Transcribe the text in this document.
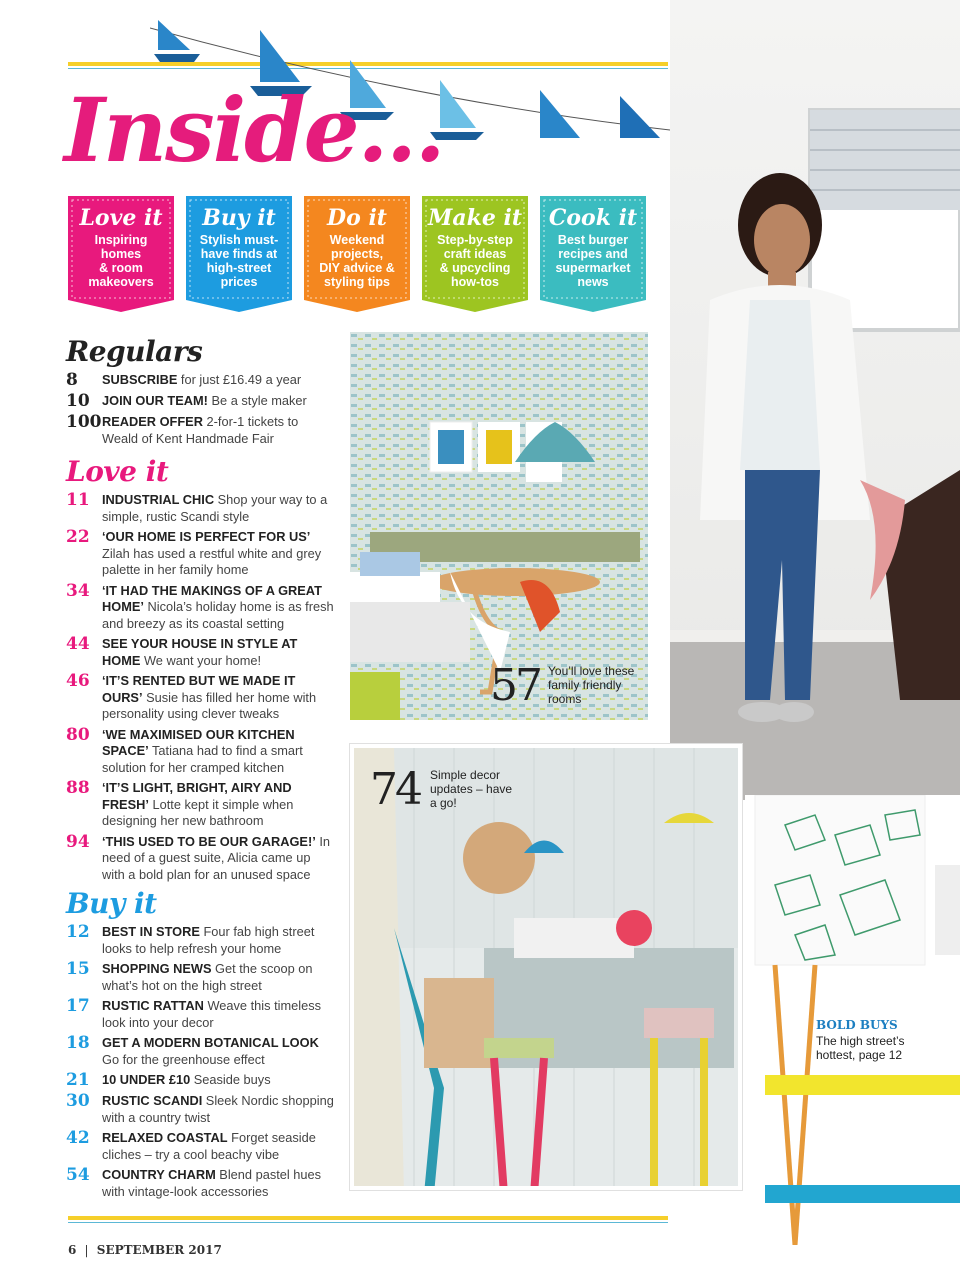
Inside...
Love it
Inspiring
homes
& room
makeovers
Buy it
Stylish must-
have finds at
high-street
prices
Do it
Weekend
projects,
DIY advice &
styling tips
Make it
Step-by-step
craft ideas
& upcycling
how-tos
Cook it
Best burger
recipes and
supermarket
news
57 You’ll love these family friendly rooms
74 Simple decor updates – have a go!
BOLD BUYS
The high street’s hottest, page 12
Regulars
8	SUBSCRIBE for just £16.49 a year
10 JOIN OUR TEAM! Be a style maker
100 READER OFFER 2-for-1 tickets to Weald of Kent Handmade Fair
Love it
11 INDUSTRIAL CHIC Shop your way to a simple, rustic Scandi style
22 ‘OUR HOME IS PERFECT FOR US’ Zilah has used a restful white and grey palette in her family home
34 ‘IT HAD THE MAKINGS OF A GREAT HOME’ Nicola’s holiday home is as fresh and breezy as its coastal setting
44 SEE YOUR HOUSE IN STYLE AT HOME We want your home!
46 ‘IT’S RENTED BUT WE MADE IT OURS’ Susie has filled her home with personality using clever tweaks
80 ‘WE MAXIMISED OUR KITCHEN SPACE’ Tatiana had to find a smart solution for her cramped kitchen
88 ‘IT’S LIGHT, BRIGHT, AIRY AND FRESH’ Lotte kept it simple when designing her new bathroom
94 ‘THIS USED TO BE OUR GARAGE!’ In need of a guest suite, Alicia came up with a bold plan for an unused space
Buy it
12 BEST IN STORE Four fab high street looks to help refresh your home
15 SHOPPING NEWS Get the scoop on what’s hot on the high street
17 RUSTIC RATTAN Weave this timeless look into your decor
18 GET A MODERN BOTANICAL LOOK Go for the greenhouse effect
21 10 UNDER £10 Seaside buys
30 RUSTIC SCANDI Sleek Nordic shopping with a country twist
42 RELAXED COASTAL Forget seaside cliches – try a cool beachy vibe
54 COUNTRY CHARM Blend pastel hues with vintage-look accessories
6 | SEPTEMBER 2017
